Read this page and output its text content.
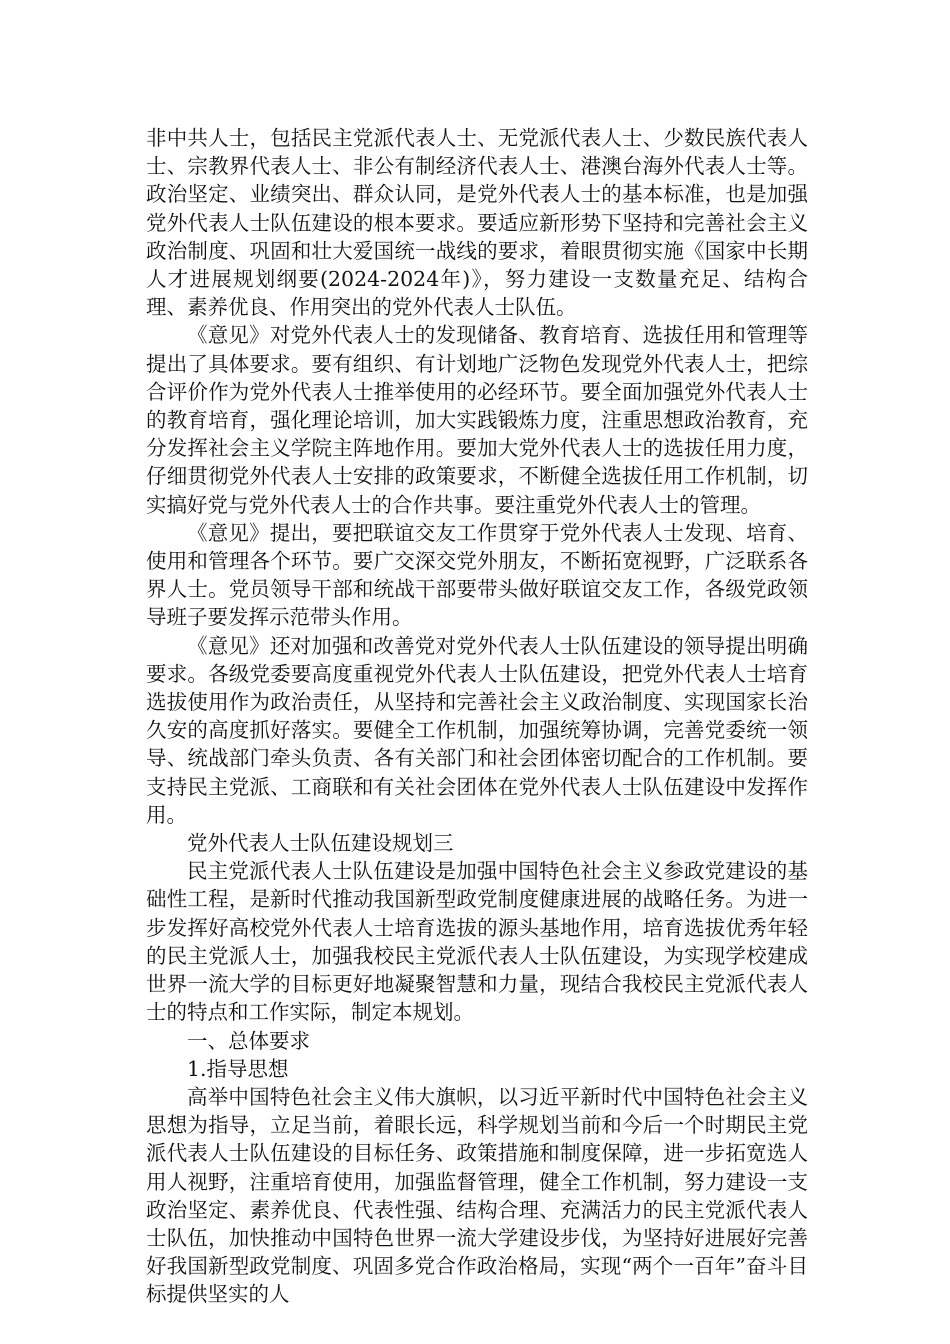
非中共人士，包括民主党派代表人士、无党派代表人士、少数民族代表人士、宗教界代表人士、非公有制经济代表人士、港澳台海外代表人士等。政治坚定、业绩突出、群众认同，是党外代表人士的基本标准，也是加强党外代表人士队伍建设的根本要求。要适应新形势下坚持和完善社会主义政治制度、巩固和壮大爱国统一战线的要求，着眼贯彻实施《国家中长期人才进展规划纲要(2024-2024年)》，努力建设一支数量充足、结构合理、素养优良、作用突出的党外代表人士队伍。

《意见》对党外代表人士的发现储备、教育培育、选拔任用和管理等提出了具体要求。要有组织、有计划地广泛物色发现党外代表人士，把综合评价作为党外代表人士推举使用的必经环节。要全面加强党外代表人士的教育培育，强化理论培训，加大实践锻炼力度，注重思想政治教育，充分发挥社会主义学院主阵地作用。要加大党外代表人士的选拔任用力度，仔细贯彻党外代表人士安排的政策要求，不断健全选拔任用工作机制，切实搞好党与党外代表人士的合作共事。要注重党外代表人士的管理。

《意见》提出，要把联谊交友工作贯穿于党外代表人士发现、培育、使用和管理各个环节。要广交深交党外朋友，不断拓宽视野，广泛联系各界人士。党员领导干部和统战干部要带头做好联谊交友工作，各级党政领导班子要发挥示范带头作用。

《意见》还对加强和改善党对党外代表人士队伍建设的领导提出明确要求。各级党委要高度重视党外代表人士队伍建设，把党外代表人士培育选拔使用作为政治责任，从坚持和完善社会主义政治制度、实现国家长治久安的高度抓好落实。要健全工作机制，加强统筹协调，完善党委统一领导、统战部门牵头负责、各有关部门和社会团体密切配合的工作机制。要支持民主党派、工商联和有关社会团体在党外代表人士队伍建设中发挥作用。

党外代表人士队伍建设规划三

民主党派代表人士队伍建设是加强中国特色社会主义参政党建设的基础性工程，是新时代推动我国新型政党制度健康进展的战略任务。为进一步发挥好高校党外代表人士培育选拔的源头基地作用，培育选拔优秀年轻的民主党派人士，加强我校民主党派代表人士队伍建设，为实现学校建成世界一流大学的目标更好地凝聚智慧和力量，现结合我校民主党派代表人士的特点和工作实际，制定本规划。

一、总体要求

1.指导思想

高举中国特色社会主义伟大旗帜，以习近平新时代中国特色社会主义思想为指导，立足当前，着眼长远，科学规划当前和今后一个时期民主党派代表人士队伍建设的目标任务、政策措施和制度保障，进一步拓宽选人用人视野，注重培育使用，加强监督管理，健全工作机制，努力建设一支政治坚定、素养优良、代表性强、结构合理、充满活力的民主党派代表人士队伍，加快推动中国特色世界一流大学建设步伐，为坚持好进展好完善好我国新型政党制度、巩固多党合作政治格局，实现“两个一百年”奋斗目标提供坚实的人
